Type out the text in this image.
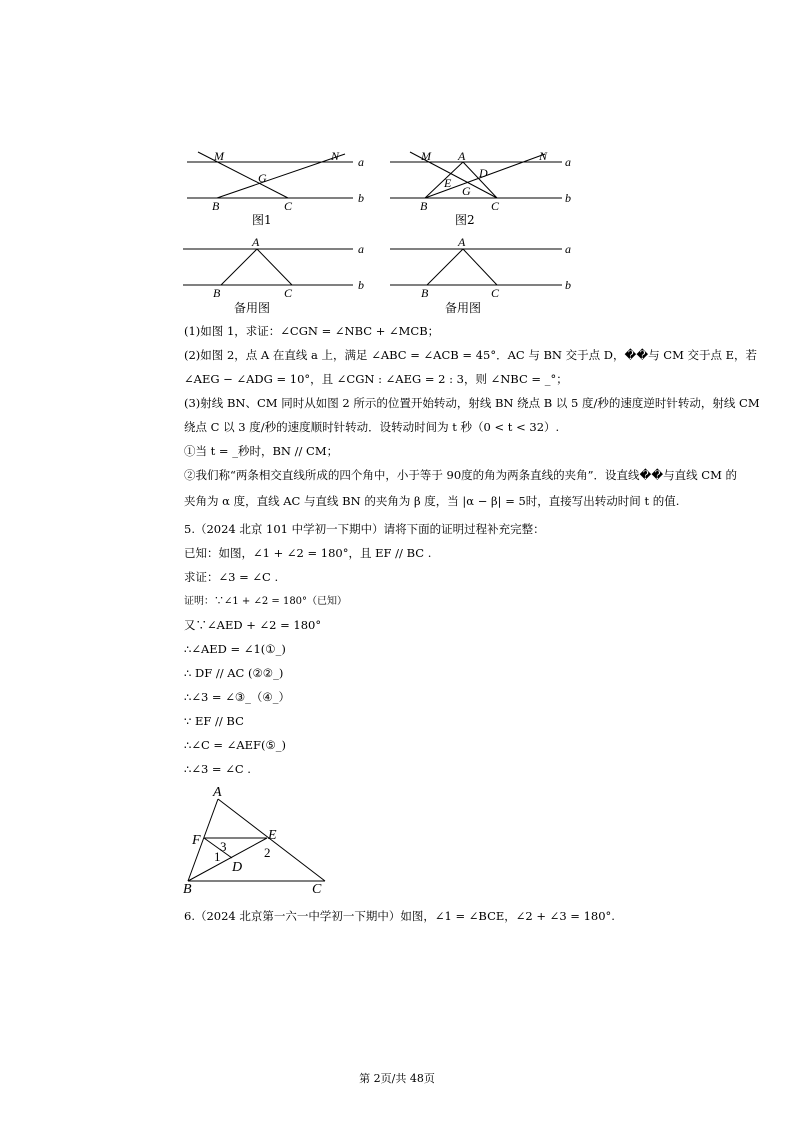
M	N a
b
G
B	C
图1
M A	N a
b
D
E
G
B	C
图2
A	a
b
B	C
备用图
A	a
b
B	C
备用图
(1)如图 1，求证：∠CGN = ∠NBC + ∠MCB；
(2)如图 2，点 A 在直线 a 上，满足 ∠ABC = ∠ACB = 45°．AC 与 BN 交于点 D，��与 CM 交于点 E，若
∠AEG − ∠ADG = 10°，且 ∠CGN : ∠AEG = 2 : 3，则 ∠NBC = _°；
(3)射线 BN、CM 同时从如图 2 所示的位置开始转动，射线 BN 绕点 B 以 5 度/秒的速度逆时针转动，射线 CM
绕点 C 以 3 度/秒的速度顺时针转动．设转动时间为 t 秒（0 < t < 32）.
①当 t = _秒时，BN // CM；
②我们称“两条相交直线所成的四个角中，小于等于 90度的角为两条直线的夹角”．设直线��与直线 CM 的
夹角为 α 度，直线 AC 与直线 BN 的夹角为 β 度，当 |α − β| = 5时，直接写出转动时间 t 的值.
5.（2024 北京 101 中学初一下期中）请将下面的证明过程补充完整：
已知：如图，∠1 + ∠2 = 180°，且 EF // BC .
求证：∠3 = ∠C .
证明：∵∠1 + ∠2 = 180°（已知）
又∵∠AED + ∠2 = 180°
∴∠AED = ∠1(①_)
∴ DF // AC (②②_)
∴∠3 = ∠③_（④_）
∵ EF // BC
∴∠C = ∠AEF(⑤_)
∴∠3 = ∠C .
A
F	E
D
B	C
1	2
3
6.（2024 北京第一六一中学初一下期中）如图，∠1 = ∠BCE，∠2 + ∠3 = 180°.
第 2页/共 48页
